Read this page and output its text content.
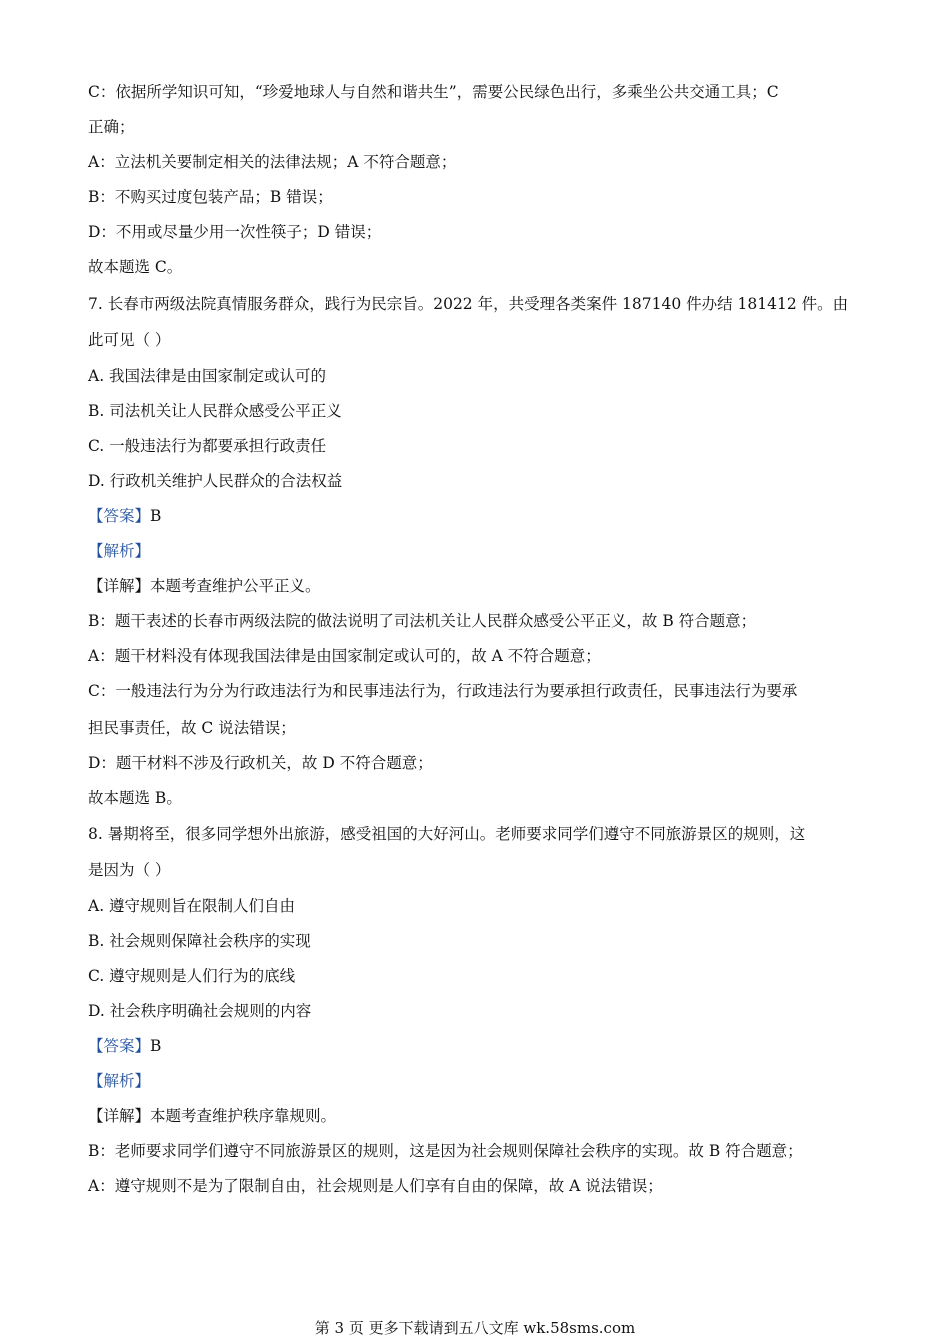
C：依据所学知识可知，“珍爱地球人与自然和谐共生”，需要公民绿色出行，多乘坐公共交通工具；C
正确；
A：立法机关要制定相关的法律法规；A 不符合题意；
B：不购买过度包装产品；B 错误；
D：不用或尽量少用一次性筷子；D 错误；
故本题选 C。
7. 长春市两级法院真情服务群众，践行为民宗旨。2022 年，共受理各类案件 187140 件办结 181412 件。由
此可见（ ）
A. 我国法律是由国家制定或认可的
B. 司法机关让人民群众感受公平正义
C. 一般违法行为都要承担行政责任
D. 行政机关维护人民群众的合法权益
【答案】B
【解析】
【详解】本题考查维护公平正义。
B：题干表述的长春市两级法院的做法说明了司法机关让人民群众感受公平正义，故 B 符合题意；
A：题干材料没有体现我国法律是由国家制定或认可的，故 A 不符合题意；
C：一般违法行为分为行政违法行为和民事违法行为，行政违法行为要承担行政责任，民事违法行为要承
担民事责任，故 C 说法错误；
D：题干材料不涉及行政机关，故 D 不符合题意；
故本题选 B。
8. 暑期将至，很多同学想外出旅游，感受祖国的大好河山。老师要求同学们遵守不同旅游景区的规则，这
是因为（ ）
A. 遵守规则旨在限制人们自由
B. 社会规则保障社会秩序的实现
C. 遵守规则是人们行为的底线
D. 社会秩序明确社会规则的内容
【答案】B
【解析】
【详解】本题考查维护秩序靠规则。
B：老师要求同学们遵守不同旅游景区的规则，这是因为社会规则保障社会秩序的实现。故 B 符合题意；
A：遵守规则不是为了限制自由，社会规则是人们享有自由的保障，故 A 说法错误；
第 3 页 更多下载请到五八文库 wk.58sms.com
